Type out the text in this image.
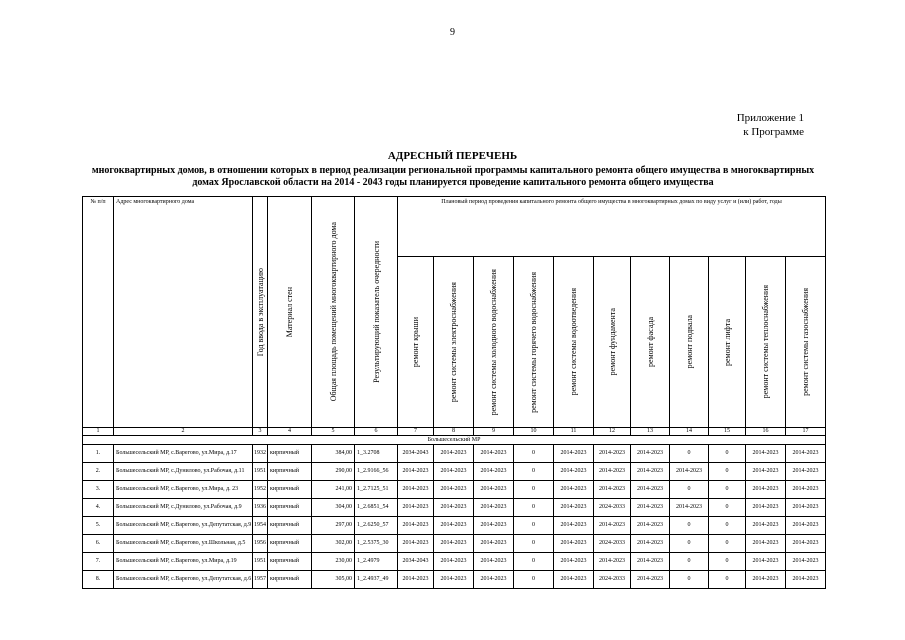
9
Приложение 1
к Программе
АДРЕСНЫЙ ПЕРЕЧЕНЬ
многоквартирных домов, в отношении которых в период реализации региональной программы капитального ремонта общего имущества в многоквартирных домах Ярославской области на 2014 - 2043 годы планируется проведение капитального ремонта общего имущества
№ п/п	Адрес многоквартирного дома	Год ввода в эксплуатацию	Материал стен	Общая площадь помещений многоквартирного дома	Результирующий показатель очередности	Плановый период проведения капитального ремонта общего имущества в многоквартирных домах по виду услуг и (или) работ, годы										

						ремонт крыши	ремонт системы электроснабжения	ремонт системы холодного водоснабжения	ремонт системы горячего водоснабжения	ремонт системы водоотведения	ремонт фундамента	ремонт фасада	ремонт подвала	ремонт лифта	ремонт системы теплоснабжения	ремонт системы газоснабжения

1	2	3	4	5	6	7	8	9	10	11	12	13	14	15	16	17
Большесельский МР																
1.	Большесельский МР, с.Варегово, ул.Мира, д.17	1932	кирпичный	384,00	1_3.2708	2034-2043	2014-2023	2014-2023	0	2014-2023	2014-2023	2014-2023	0	0	2014-2023	2014-2023
2.	Большесельский МР, с.Дунилово, ул.Рабочая, д.11	1951	кирпичный	290,00	1_2.9166_56	2014-2023	2014-2023	2014-2023	0	2014-2023	2014-2023	2014-2023	2014-2023	0	2014-2023	2014-2023
3.	Большесельский МР, с.Варегово, ул.Мира, д. 23	1952	кирпичный	241,00	1_2.7125_51	2014-2023	2014-2023	2014-2023	0	2014-2023	2014-2023	2014-2023	0	0	2014-2023	2014-2023
4.	Большесельский МР, с.Дунилово, ул.Рабочая, д.9	1936	кирпичный	304,00	1_2.6851_54	2014-2023	2014-2023	2014-2023	0	2014-2023	2024-2033	2014-2023	2014-2023	0	2014-2023	2014-2023
5.	Большесельский МР, с.Варегово, ул.Депутатская, д.9	1954	кирпичный	297,00	1_2.6250_57	2014-2023	2014-2023	2014-2023	0	2014-2023	2014-2023	2014-2023	0	0	2014-2023	2014-2023
6.	Большесельский МР, с.Варегово, ул.Школьная, д.5	1956	кирпичный	302,00	1_2.5375_30	2014-2023	2014-2023	2014-2023	0	2014-2023	2024-2033	2014-2023	0	0	2014-2023	2014-2023
7.	Большесельский МР, с.Варегово, ул.Мира, д.19	1951	кирпичный	230,00	1_2.4979	2034-2043	2014-2023	2014-2023	0	2014-2023	2014-2023	2014-2023	0	0	2014-2023	2014-2023
8.	Большесельский МР, с.Варегово, ул.Депутатская, д.6	1957	кирпичный	305,00	1_2.4937_49	2014-2023	2014-2023	2014-2023	0	2014-2023	2024-2033	2014-2023	0	0	2014-2023	2014-2023
